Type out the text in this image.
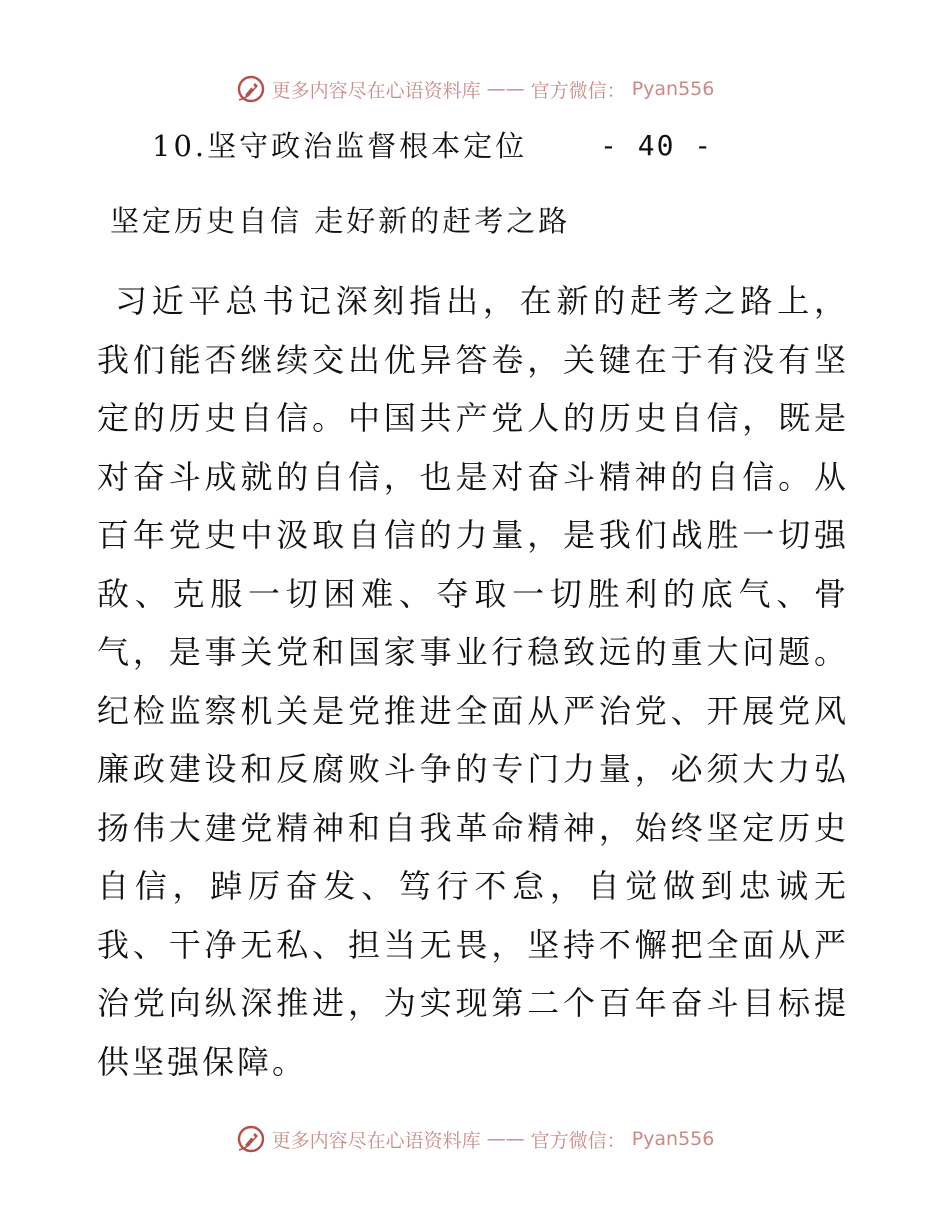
更多内容尽在心语资料库 —— 官方微信： Pyan556
10.坚守政治监督根本定位	- 40 -
坚定历史自信 走好新的赶考之路

习近平总书记深刻指出，在新的赶考之路上，我们能否继续交出优异答卷，关键在于有没有坚定的历史自信。中国共产党人的历史自信，既是对奋斗成就的自信，也是对奋斗精神的自信。从百年党史中汲取自信的力量，是我们战胜一切强敌、克服一切困难、夺取一切胜利的底气、骨气，是事关党和国家事业行稳致远的重大问题。纪检监察机关是党推进全面从严治党、开展党风廉政建设和反腐败斗争的专门力量，必须大力弘扬伟大建党精神和自我革命精神，始终坚定历史自信，踔厉奋发、笃行不怠，自觉做到忠诚无我、干净无私、担当无畏，坚持不懈把全面从严治党向纵深推进，为实现第二个百年奋斗目标提供坚强保障。

更多内容尽在心语资料库 —— 官方微信： Pyan556
